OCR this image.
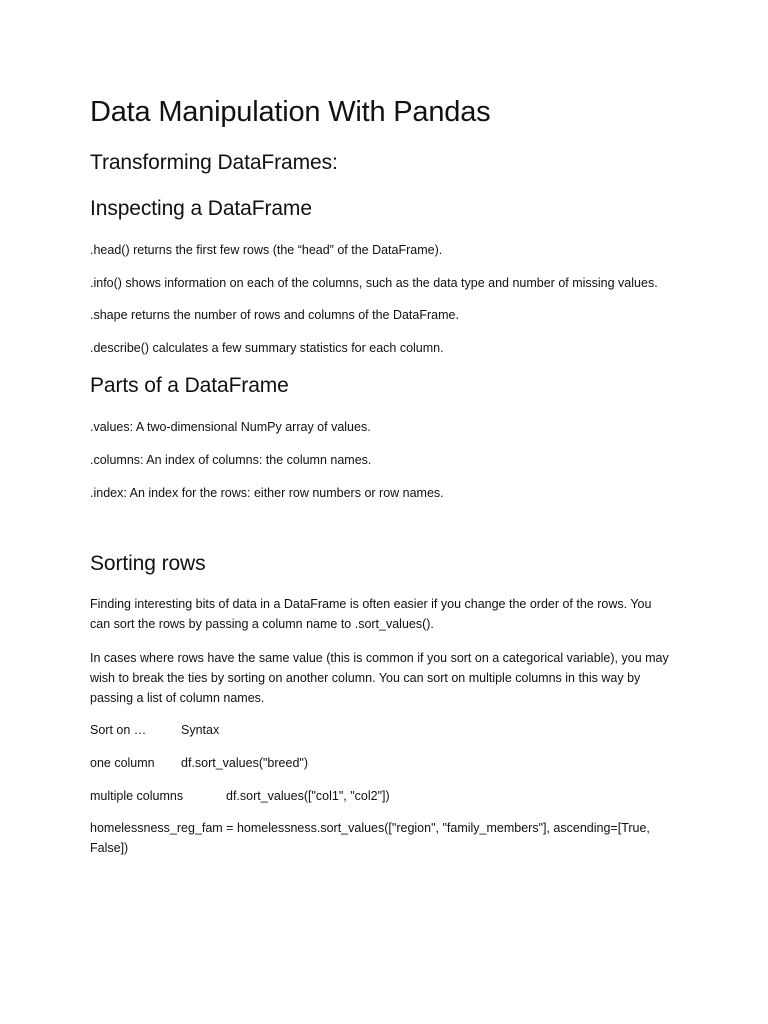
Data Manipulation With Pandas
Transforming DataFrames:
Inspecting a DataFrame
.head() returns the first few rows (the “head” of the DataFrame).
.info() shows information on each of the columns, such as the data type and number of missing values.
.shape returns the number of rows and columns of the DataFrame.
.describe() calculates a few summary statistics for each column.
Parts of a DataFrame
.values: A two-dimensional NumPy array of values.
.columns: An index of columns: the column names.
.index: An index for the rows: either row numbers or row names.
Sorting rows
Finding interesting bits of data in a DataFrame is often easier if you change the order of the rows. You can sort the rows by passing a column name to .sort_values().
In cases where rows have the same value (this is common if you sort on a categorical variable), you may wish to break the ties by sorting on another column. You can sort on multiple columns in this way by passing a list of column names.
Sort on …	Syntax
one column df.sort_values("breed")
multiple columns	df.sort_values(["col1", "col2"])
homelessness_reg_fam = homelessness.sort_values(["region", "family_members"], ascending=[True, False])
